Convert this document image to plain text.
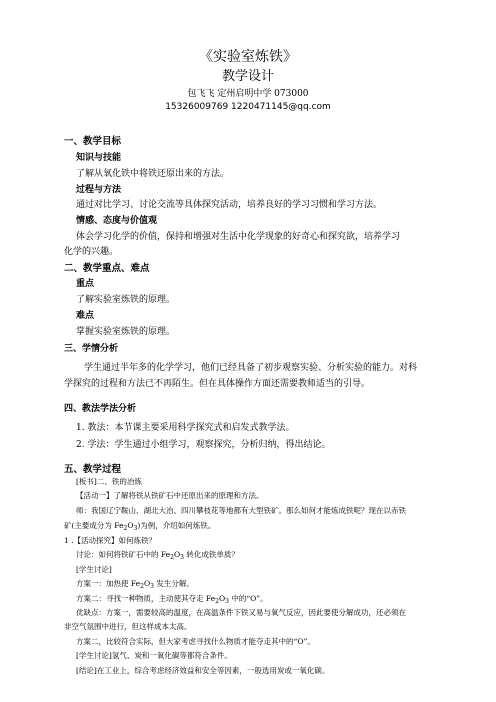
《实验室炼铁》
教学设计
包飞飞 定州启明中学 073000
15326009769 1220471145@qq.com
一、教学目标
知识与技能
了解从氧化铁中将铁还原出来的方法。
过程与方法
通过对比学习、讨论交流等具体探究活动，培养良好的学习习惯和学习方法。
情感、态度与价值观
体会学习化学的价值，保持和增强对生活中化学现象的好奇心和探究欲，培养学习
化学的兴趣。
二、教学重点、难点
重点
了解实验室炼铁的原理。
难点
掌握实验室炼铁的原理。
三、学情分析
学生通过半年多的化学学习，他们已经具备了初步观察实验、分析实验的能力。对科
学探究的过程和方法已不再陌生。但在具体操作方面还需要教师适当的引导。
四、教法学法分析
1. 教法：本节课主要采用科学探究式和启发式教学法。
2. 学法：学生通过小组学习，观察探究，分析归纳，得出结论。
五、教学过程
[板书]二、铁的冶炼
【活动一】了解将铁从铁矿石中还原出来的原理和方法。
师：我国辽宁鞍山、湖北大冶、四川攀枝花等地都有大型铁矿。那么如何才能炼成铁呢？现在以赤铁
矿(主要成分为 $Fe_2O_3$)为例，介绍如何炼铁。
1 .【活动探究】如何炼铁？
讨论：如何将铁矿石中的 $Fe_2O_3$ 转化成铁单质？
[学生讨论]
方案一：加热使 $Fe_2O_3$ 发生分解。
方案二：寻找一种物质，主动使其夺走 $Fe_2O_3$ 中的“O”。
优缺点：方案一，需要较高的温度，在高温条件下铁又易与氧气反应，因此要使分解成功，还必须在
非空气氛围中进行，但这样成本太高。
方案二，比较符合实际，但大家考虑寻找什么物质才能夺走其中的“O”。
[学生讨论]氢气、炭和一氧化碳等都符合条件。
[结论]在工业上，综合考虑经济效益和安全等因素，一般选用炭或一氧化碳。
